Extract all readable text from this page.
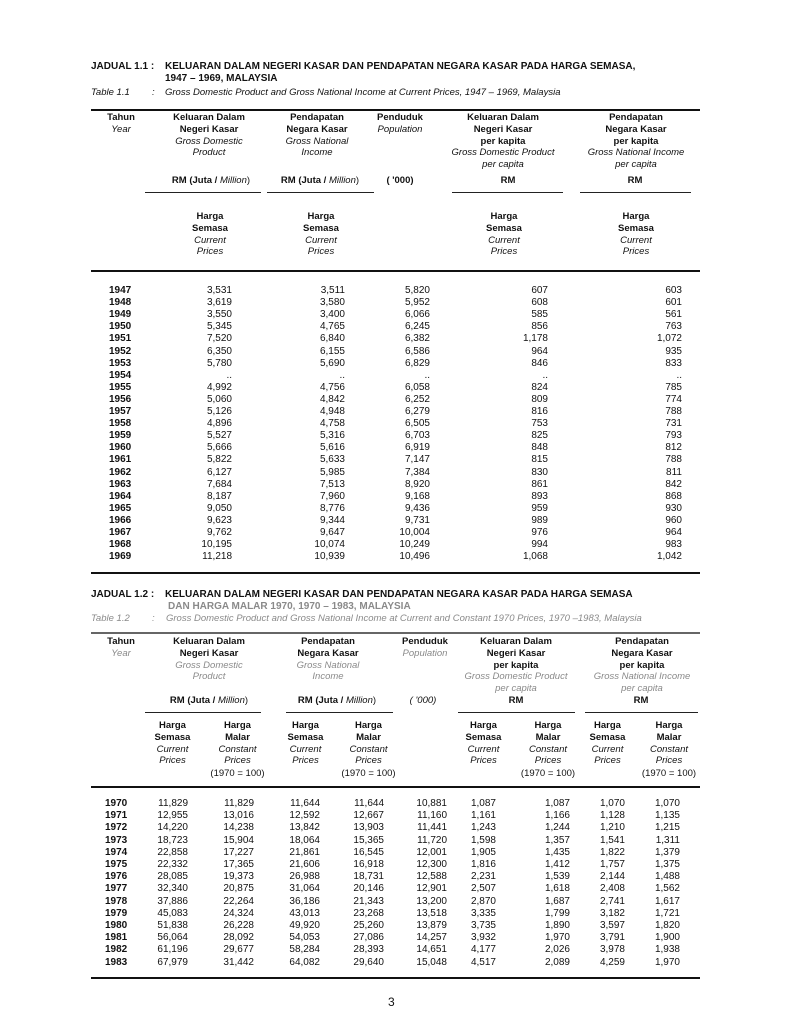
JADUAL 1.1 : KELUARAN DALAM NEGERI KASAR DAN PENDAPATAN NEGARA KASAR PADA HARGA SEMASA,
1947 – 1969, MALAYSIA
Table 1.1 : Gross Domestic Product and Gross National Income at Current Prices, 1947 – 1969, Malaysia
Tahun
Year
Keluaran Dalam
Negeri Kasar
Gross Domestic
Product
Pendapatan
Negara Kasar
Gross National
Income
Penduduk
Population
Keluaran Dalam
Negeri Kasar
per kapita
Gross Domestic Product
per capita
Pendapatan
Negara Kasar
per kapita
Gross National Income
per capita
RM (Juta / Million)	RM (Juta / Million)	( '000)	RM	RM
Harga
Semasa
Current
Prices
Harga
Semasa
Current
Prices
Harga
Semasa
Current
Prices
Harga
Semasa
Current
Prices
1947	3,531	3,511	5,820	607	603
1948	3,619	3,580	5,952	608	601
1949	3,550	3,400	6,066	585	561
1950	5,345	4,765	6,245	856	763
1951	7,520	6,840	6,382	1,178	1,072
1952	6,350	6,155	6,586	964	935
1953	5,780	5,690	6,829	846	833
1954	..	..	..	..	..
1955	4,992	4,756	6,058	824	785
1956	5,060	4,842	6,252	809	774
1957	5,126	4,948	6,279	816	788
1958	4,896	4,758	6,505	753	731
1959	5,527	5,316	6,703	825	793
1960	5,666	5,616	6,919	848	812
1961	5,822	5,633	7,147	815	788
1962	6,127	5,985	7,384	830	811
1963	7,684	7,513	8,920	861	842
1964	8,187	7,960	9,168	893	868
1965	9,050	8,776	9,436	959	930
1966	9,623	9,344	9,731	989	960
1967	9,762	9,647	10,004	976	964
1968	10,195	10,074	10,249	994	983
1969	11,218	10,939	10,496	1,068	1,042
JADUAL 1.2 : KELUARAN DALAM NEGERI KASAR DAN PENDAPATAN NEGARA KASAR PADA HARGA SEMASA
DAN HARGA MALAR 1970, 1970 – 1983, MALAYSIA
Table 1.2 : Gross Domestic Product and Gross National Income at Current and Constant 1970 Prices, 1970 –1983, Malaysia
Tahun
Year
Keluaran Dalam
Negeri Kasar
Gross Domestic
Product
Pendapatan
Negara Kasar
Gross National
Income
Penduduk
Population
Keluaran Dalam
Negeri Kasar
per kapita
Gross Domestic Product
per capita
Pendapatan
Negara Kasar
per kapita
Gross National Income
per capita
RM (Juta / Million)	RM (Juta / Million)	( '000)	RM	RM
Harga
Semasa
Current
Prices
Harga
Semasa
Current
Prices
Harga
Semasa
Current
Prices
Harga
Semasa
Current
Prices
Harga
Malar
Constant
Prices
(1970 = 100)
Harga
Malar
Constant
Prices
(1970 = 100)
Harga
Malar
Constant
Prices
(1970 = 100)
Harga
Malar
Constant
Prices
(1970 = 100)
1970	11,829	11,829	11,644	11,644	10,881	1,087	1,087	1,070	1,070
1971	12,955	13,016	12,592	12,667	11,160	1,161	1,166	1,128	1,135
1972	14,220	14,238	13,842	13,903	11,441	1,243	1,244	1,210	1,215
1973	18,723	15,904	18,064	15,365	11,720	1,598	1,357	1,541	1,311
1974	22,858	17,227	21,861	16,545	12,001	1,905	1,435	1,822	1,379
1975	22,332	17,365	21,606	16,918	12,300	1,816	1,412	1,757	1,375
1976	28,085	19,373	26,988	18,731	12,588	2,231	1,539	2,144	1,488
1977	32,340	20,875	31,064	20,146	12,901	2,507	1,618	2,408	1,562
1978	37,886	22,264	36,186	21,343	13,200	2,870	1,687	2,741	1,617
1979	45,083	24,324	43,013	23,268	13,518	3,335	1,799	3,182	1,721
1980	51,838	26,228	49,920	25,260	13,879	3,735	1,890	3,597	1,820
1981	56,064	28,092	54,053	27,086	14,257	3,932	1,970	3,791	1,900
1982	61,196	29,677	58,284	28,393	14,651	4,177	2,026	3,978	1,938
1983	67,979	31,442	64,082	29,640	15,048	4,517	2,089	4,259	1,970
3
